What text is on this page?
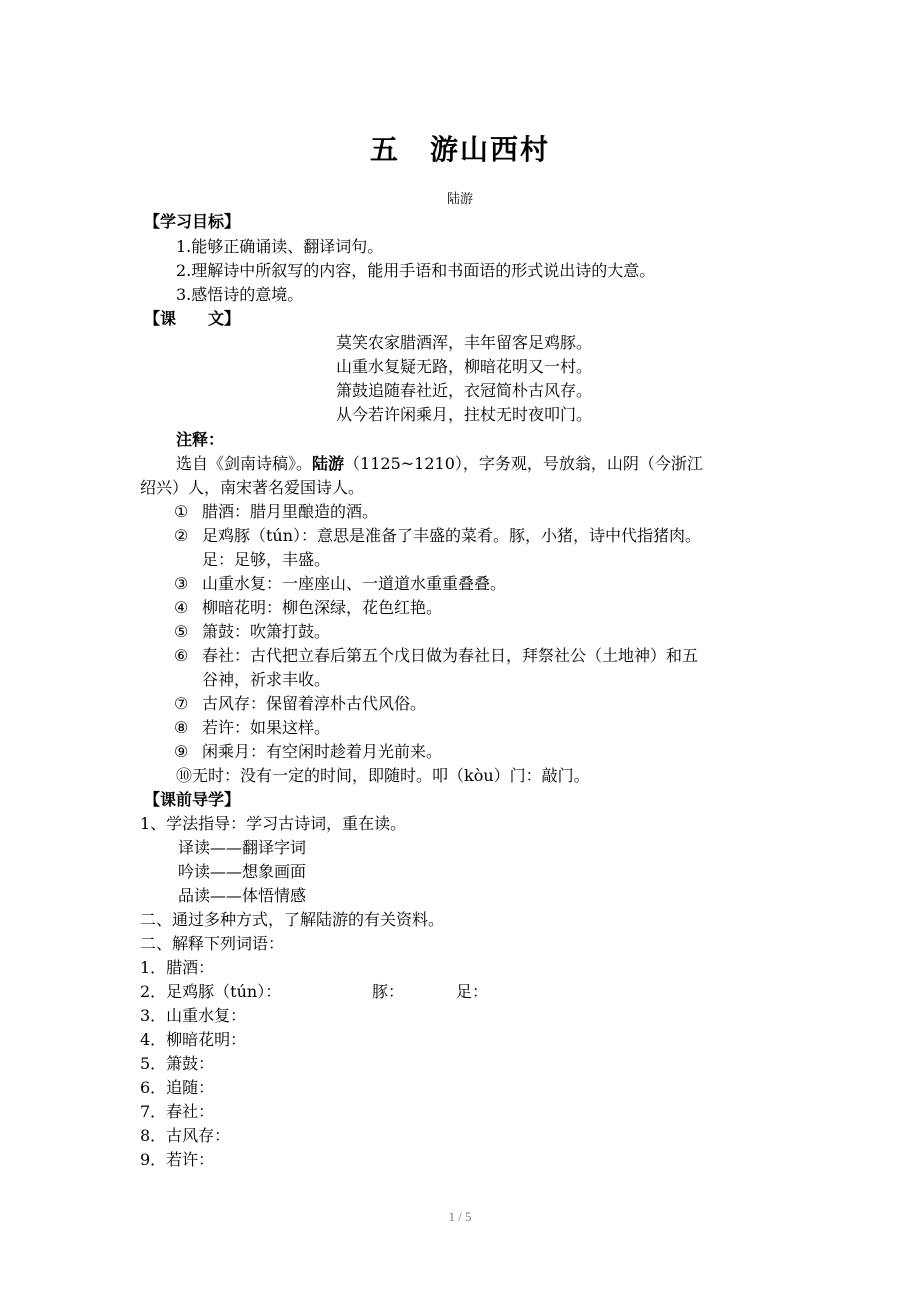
五　游山西村
陆游
【学习目标】
1.能够正确诵读、翻译词句。
2.理解诗中所叙写的内容，能用手语和书面语的形式说出诗的大意。
3.感悟诗的意境。
【课　　文】
莫笑农家腊酒浑，丰年留客足鸡豚。
山重水复疑无路，柳暗花明又一村。
箫鼓追随春社近，衣冠简朴古风存。
从今若许闲乘月，拄杖无时夜叩门。
注释：
选自《剑南诗稿》。陆游（1125~1210），字务观，号放翁，山阴（今浙江
绍兴）人，南宋著名爱国诗人。
① 腊酒：腊月里酿造的酒。
② 足鸡豚（tún）：意思是准备了丰盛的菜肴。豚，小猪，诗中代指猪肉。
足：足够，丰盛。
③ 山重水复：一座座山、一道道水重重叠叠。
④ 柳暗花明：柳色深绿，花色红艳。
⑤ 箫鼓：吹箫打鼓。
⑥ 春社：古代把立春后第五个戊日做为春社日，拜祭社公（土地神）和五
谷神，祈求丰收。
⑦ 古风存：保留着淳朴古代风俗。
⑧ 若许：如果这样。
⑨ 闲乘月：有空闲时趁着月光前来。
⑩无时：没有一定的时间，即随时。叩（kòu）门：敲门。
【课前导学】
1、学法指导：学习古诗词，重在读。
译读——翻译字词
吟读——想象画面
品读——体悟情感
二、通过多种方式，了解陆游的有关资料。
二、解释下列词语：
1．腊酒：
2．足鸡豚（tún）：	豚：	足：
3．山重水复：
4．柳暗花明：
5．箫鼓：
6．追随：
7．春社：
8．古风存：
9．若许：
1 / 5
